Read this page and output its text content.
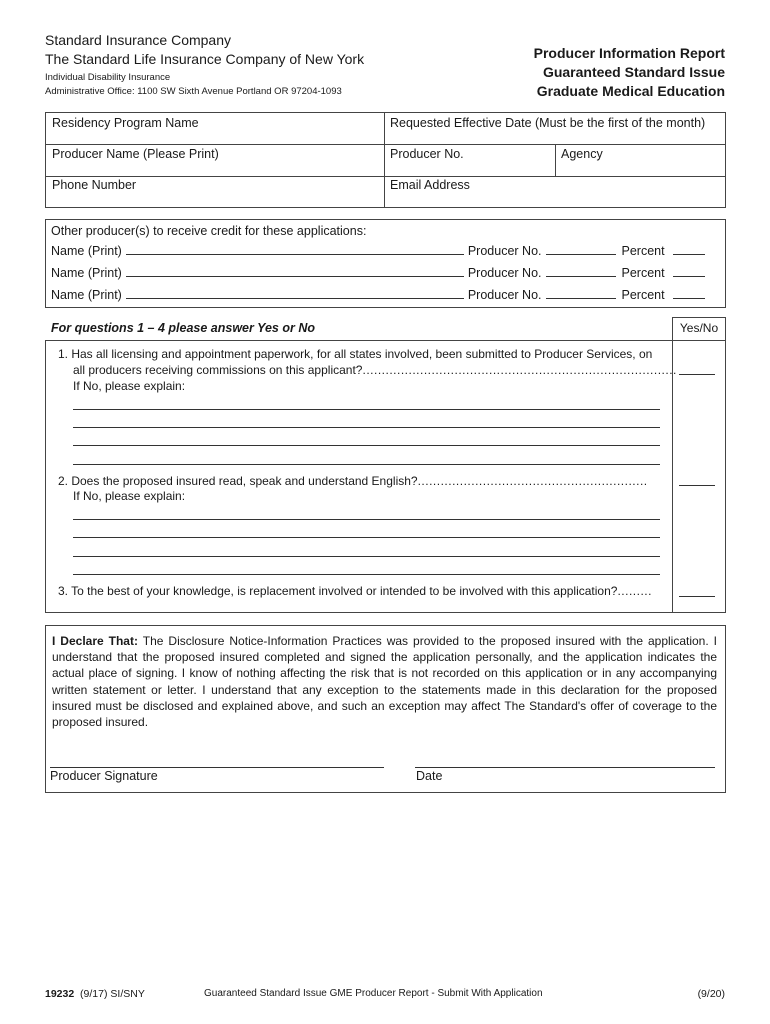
Standard Insurance Company
The Standard Life Insurance Company of New York
Individual Disability Insurance
Administrative Office: 1100 SW Sixth Avenue Portland OR 97204-1093
Producer Information Report
Guaranteed Standard Issue
Graduate Medical Education
Residency Program Name	Requested Effective Date (Must be the first of the month)
Producer Name (Please Print)	Producer No.	Agency
Phone Number	Email Address
Other producer(s) to receive credit for these applications:
Name (Print)	Producer No.	Percent
Name (Print)	Producer No.	Percent
Name (Print)	Producer No.	Percent
For questions 1 – 4 please answer Yes or No	Yes/No
1. Has all licensing and appointment paperwork, for all states involved, been submitted to Producer Services, on
all producers receiving commissions on this applicant?..................................................................................
If No, please explain:
2. Does the proposed insured read, speak and understand English?............................................................
If No, please explain:
3. To the best of your knowledge, is replacement involved or intended to be involved with this application?.........
I Declare That: The Disclosure Notice-Information Practices was provided to the proposed insured with the application. I understand that the proposed insured completed and signed the application personally, and the application indicates the actual place of signing. I know of nothing affecting the risk that is not recorded on this application or in any accompanying written statement or letter. I understand that any exception to the statements made in this declaration for the proposed insured must be disclosed and explained above, and such an exception may affect The Standard's offer of coverage to the proposed insured.
Producer Signature	Date
19232 (9/17) SI/SNY	Guaranteed Standard Issue GME Producer Report - Submit With Application	(9/20)
